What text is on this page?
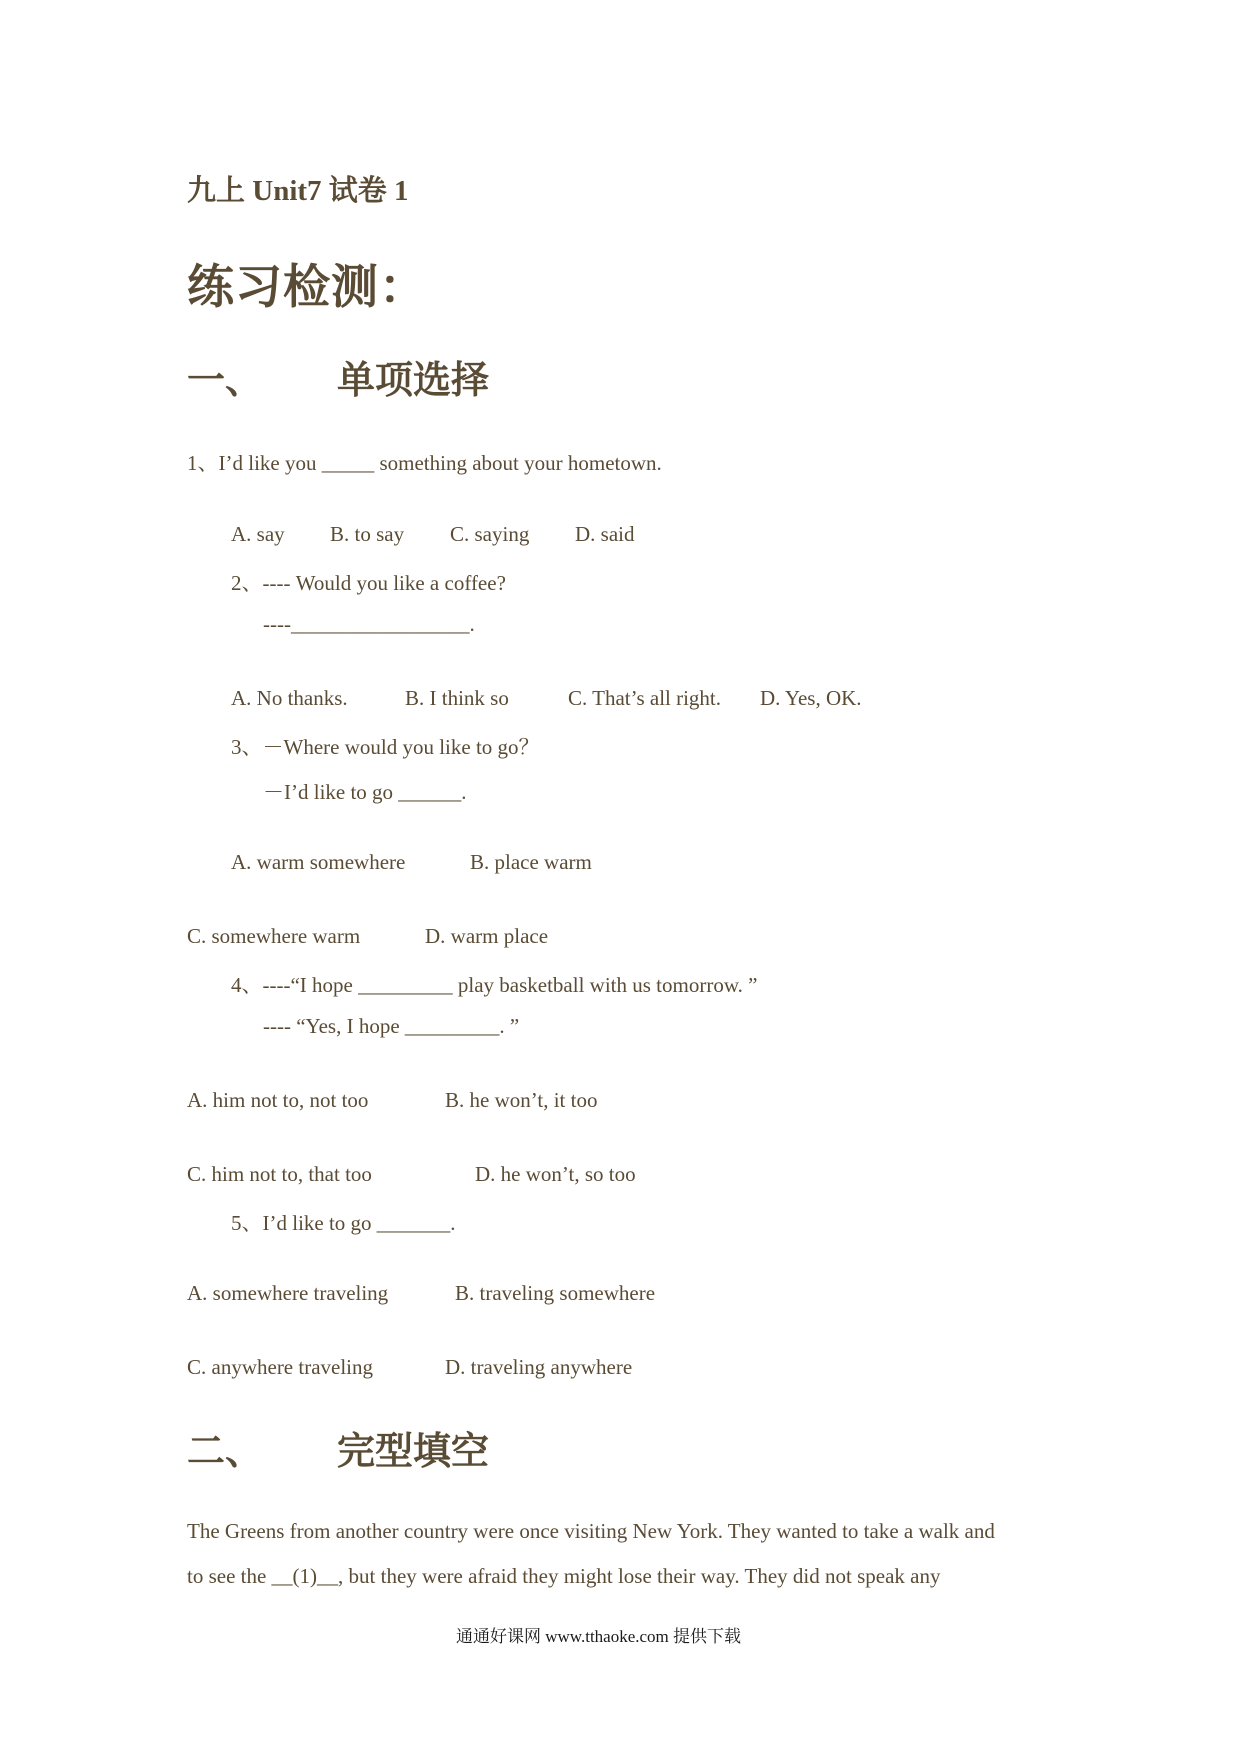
九上 Unit7 试卷 1
练习检测：
一、 单项选择
1、I’d like you _____ something about your hometown.
A. say B. to say C. saying D. said
2、---- Would you like a coffee?
----_________________.
A. No thanks.	B. I think so	C. That’s all right. D. Yes, OK.
3、－Where would you like to go？
－I’d like to go ______.
A. warm somewhere	B. place warm
C. somewhere warm	D. warm place
4、----“I hope _________ play basketball with us tomorrow. ”
---- “Yes, I hope _________. ”
A. him not to, not too	B. he won’t, it too
C. him not to, that too	D. he won’t, so too
5、I’d like to go _______.
A. somewhere traveling	B. traveling somewhere
C. anywhere traveling	D. traveling anywhere
二、 完型填空
The Greens from another country were once visiting New York. They wanted to take a walk and
to see the __(1)__, but they were afraid they might lose their way. They did not speak any
通通好课网 www.tthaoke.com 提供下载
